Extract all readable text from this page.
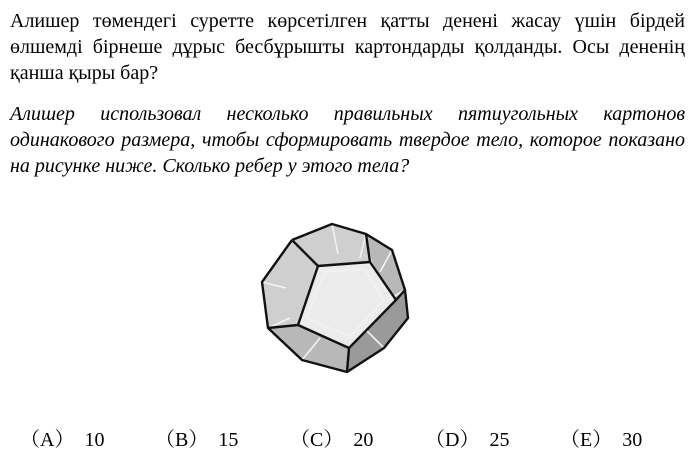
Алишер төмендегі суретте көрсетілген қатты денені жасау үшін бірдей өлшемді бірнеше дұрыс бесбұрышты картондарды қолданды. Осы дененің қанша қыры бар?

Алишер использовал несколько правильных пятиугольных картонов одинакового размера, чтобы сформировать твердое тело, которое показано на рисунке ниже. Сколько ребер у этого тела?

（A） 10	（B） 15	（C） 20	（D） 25	（E） 30
